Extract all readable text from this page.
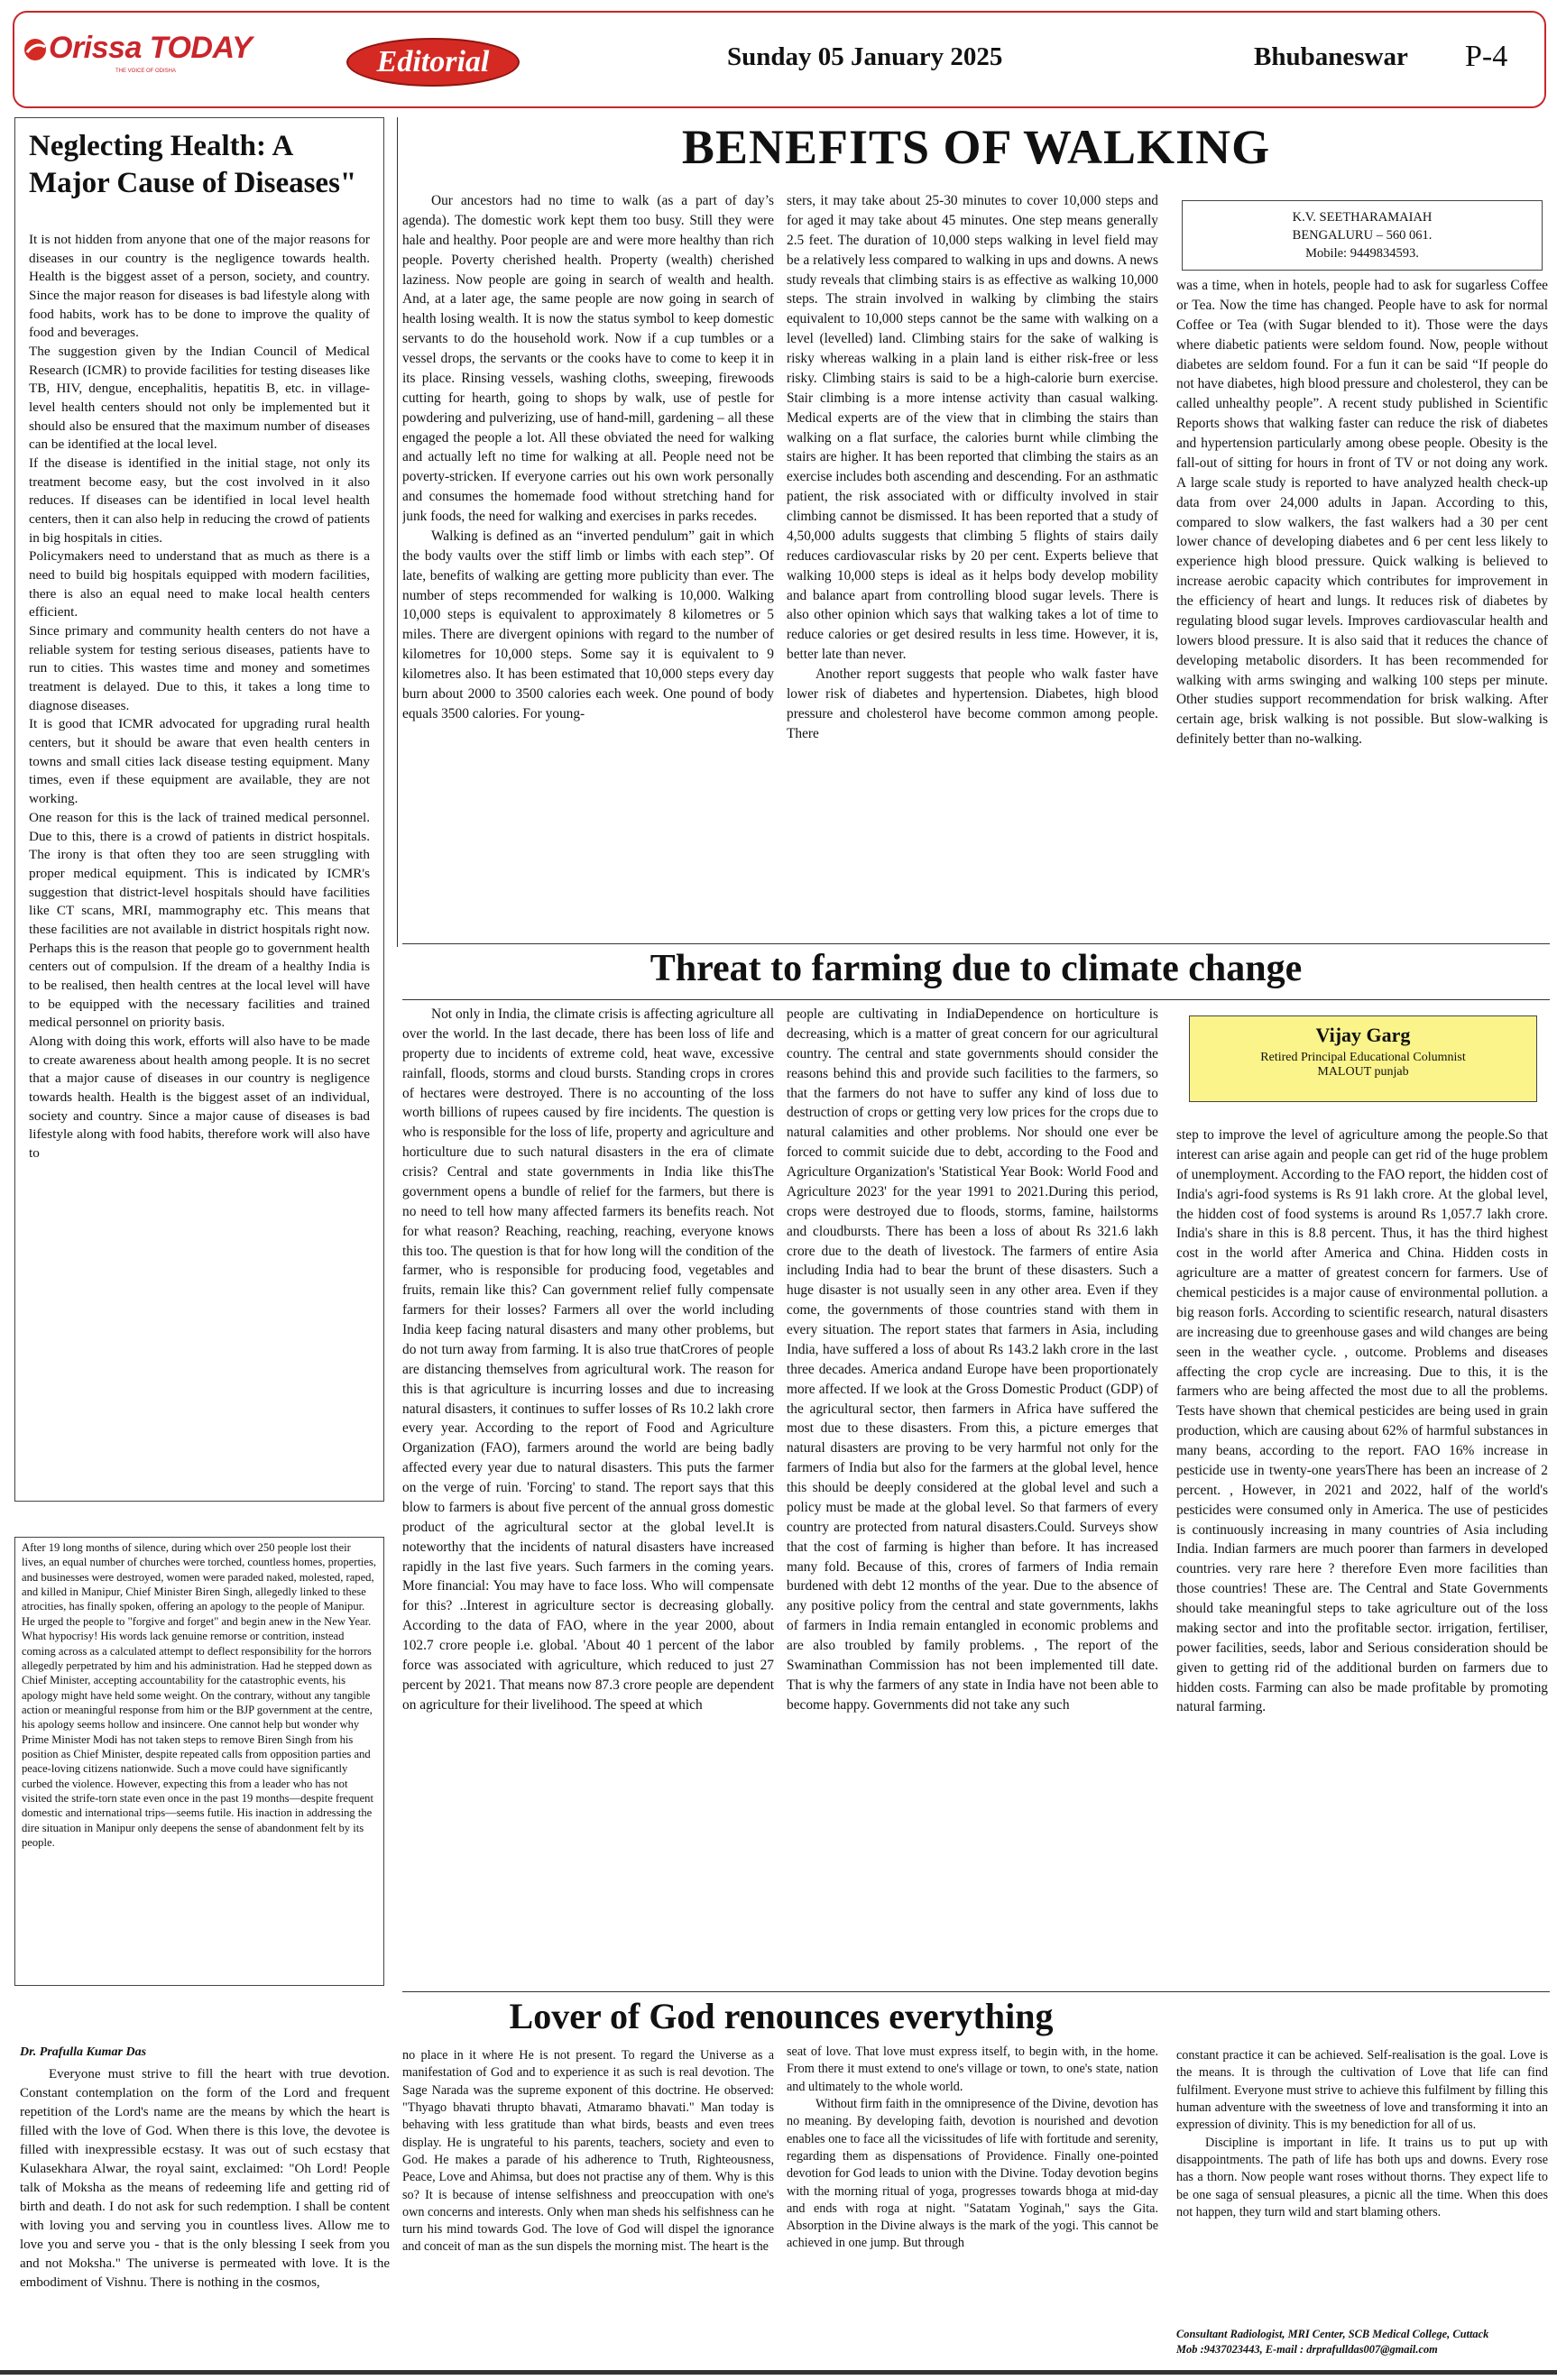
Orissa TODAY
THE VOICE OF ODISHA	Editorial	Sunday 05 January 2025	Bhubaneswar P-4
Neglecting Health: A Major Cause of Diseases"

It is not hidden from anyone that one of the major reasons for diseases in our country is the negligence towards health. Health is the biggest asset of a person, society, and country. Since the major reason for diseases is bad lifestyle along with food habits, work has to be done to improve the quality of food and beverages.

The suggestion given by the Indian Council of Medical Research (ICMR) to provide facilities for testing diseases like TB, HIV, dengue, encephalitis, hepatitis B, etc. in village-level health centers should not only be implemented but it should also be ensured that the maximum number of diseases can be identified at the local level.

If the disease is identified in the initial stage, not only its treatment become easy, but the cost involved in it also reduces. If diseases can be identified in local level health centers, then it can also help in reducing the crowd of patients in big hospitals in cities.

Policymakers need to understand that as much as there is a need to build big hospitals equipped with modern facilities, there is also an equal need to make local health centers efficient.

Since primary and community health centers do not have a reliable system for testing serious diseases, patients have to run to cities. This wastes time and money and sometimes treatment is delayed. Due to this, it takes a long time to diagnose diseases.

It is good that ICMR advocated for upgrading rural health centers, but it should be aware that even health centers in towns and small cities lack disease testing equipment. Many times, even if these equipment are available, they are not working.

One reason for this is the lack of trained medical personnel. Due to this, there is a crowd of patients in district hospitals. The irony is that often they too are seen struggling with proper medical equipment. This is indicated by ICMR's suggestion that district-level hospitals should have facilities like CT scans, MRI, mammography etc. This means that these facilities are not available in district hospitals right now. Perhaps this is the reason that people go to government health centers out of compulsion. If the dream of a healthy India is to be realised, then health centres at the local level will have to be equipped with the necessary facilities and trained medical personnel on priority basis.

Along with doing this work, efforts will also have to be made to create awareness about health among people. It is no secret that a major cause of diseases in our country is negligence towards health. Health is the biggest asset of an individual, society and country. Since a major cause of diseases is bad lifestyle along with food habits, therefore work will also have to

After 19 long months of silence, during which over 250 people lost their lives, an equal number of churches were torched, countless homes, properties, and businesses were destroyed, women were paraded naked, molested, raped, and killed in Manipur, Chief Minister Biren Singh, allegedly linked to these atrocities, has finally spoken, offering an apology to the people of Manipur. He urged the people to "forgive and forget" and begin anew in the New Year. What hypocrisy! His words lack genuine remorse or contrition, instead coming across as a calculated attempt to deflect responsibility for the horrors allegedly perpetrated by him and his administration. Had he stepped down as Chief Minister, accepting accountability for the catastrophic events, his apology might have held some weight. On the contrary, without any tangible action or meaningful response from him or the BJP government at the centre, his apology seems hollow and insincere. One cannot help but wonder why Prime Minister Modi has not taken steps to remove Biren Singh from his position as Chief Minister, despite repeated calls from opposition parties and peace-loving citizens nationwide. Such a move could have significantly curbed the violence. However, expecting this from a leader who has not visited the strife-torn state even once in the past 19 months—despite frequent domestic and international trips—seems futile. His inaction in addressing the dire situation in Manipur only deepens the sense of abandonment felt by its people.

BENEFITS OF WALKING

Our ancestors had no time to walk (as a part of day’s agenda). The domestic work kept them too busy. Still they were hale and healthy. Poor people are and were more healthy than rich people. Poverty cherished health. Property (wealth) cherished laziness. Now people are going in search of wealth and health. And, at a later age, the same people are now going in search of health losing wealth. It is now the status symbol to keep domestic servants to do the household work. Now if a cup tumbles or a vessel drops, the servants or the cooks have to come to keep it in its place. Rinsing vessels, washing cloths, sweeping, firewoods cutting for hearth, going to shops by walk, use of pestle for powdering and pulverizing, use of hand-mill, gardening – all these engaged the people a lot. All these obviated the need for walking and actually left no time for walking at all. People need not be poverty-stricken. If everyone carries out his own work personally and consumes the homemade food without stretching hand for junk foods, the need for walking and exercises in parks recedes.

Walking is defined as an “inverted pendulum” gait in which the body vaults over the stiff limb or limbs with each step”. Of late, benefits of walking are getting more publicity than ever. The number of steps recommended for walking is 10,000. Walking 10,000 steps is equivalent to approximately 8 kilometres or 5 miles. There are divergent opinions with regard to the number of kilometres for 10,000 steps. Some say it is equivalent to 9 kilometres also. It has been estimated that 10,000 steps every day burn about 2000 to 3500 calories each week. One pound of body equals 3500 calories. For young-

sters, it may take about 25-30 minutes to cover 10,000 steps and for aged it may take about 45 minutes. One step means generally 2.5 feet. The duration of 10,000 steps walking in level field may be a relatively less compared to walking in ups and downs. A news study reveals that climbing stairs is as effective as walking 10,000 steps. The strain involved in walking by climbing the stairs equivalent to 10,000 steps cannot be the same with walking on a level (levelled) land. Climbing stairs for the sake of walking is risky whereas walking in a plain land is either risk-free or less risky. Climbing stairs is said to be a high-calorie burn exercise. Stair climbing is a more intense activity than casual walking. Medical experts are of the view that in climbing the stairs than walking on a flat surface, the calories burnt while climbing the stairs are higher. It has been reported that climbing the stairs as an exercise includes both ascending and descending. For an asthmatic patient, the risk associated with or difficulty involved in stair climbing cannot be dismissed. It has been reported that a study of 4,50,000 adults suggests that climbing 5 flights of stairs daily reduces cardiovascular risks by 20 per cent. Experts believe that walking 10,000 steps is ideal as it helps body develop mobility and balance apart from controlling blood sugar levels. There is also other opinion which says that walking takes a lot of time to reduce calories or get desired results in less time. However, it is, better late than never.

Another report suggests that people who walk faster have lower risk of diabetes and hypertension. Diabetes, high blood pressure and cholesterol have become common among people. There

K.V. SEETHARAMAIAH
BENGALURU – 560 061.
Mobile: 9449834593.

was a time, when in hotels, people had to ask for sugarless Coffee or Tea. Now the time has changed. People have to ask for normal Coffee or Tea (with Sugar blended to it). Those were the days where diabetic patients were seldom found. Now, people without diabetes are seldom found. For a fun it can be said “If people do not have diabetes, high blood pressure and cholesterol, they can be called unhealthy people”. A recent study published in Scientific Reports shows that walking faster can reduce the risk of diabetes and hypertension particularly among obese people. Obesity is the fall-out of sitting for hours in front of TV or not doing any work. A large scale study is reported to have analyzed health check-up data from over 24,000 adults in Japan. According to this, compared to slow walkers, the fast walkers had a 30 per cent lower chance of developing diabetes and 6 per cent less likely to experience high blood pressure. Quick walking is believed to increase aerobic capacity which contributes for improvement in the efficiency of heart and lungs. It reduces risk of diabetes by regulating blood sugar levels. Improves cardiovascular health and lowers blood pressure. It is also said that it reduces the chance of developing metabolic disorders. It has been recommended for walking with arms swinging and walking 100 steps per minute. Other studies support recommendation for brisk walking. After certain age, brisk walking is not possible. But slow-walking is definitely better than no-walking.

Threat to farming due to climate change

Not only in India, the climate crisis is affecting agriculture all over the world. In the last decade, there has been loss of life and property due to incidents of extreme cold, heat wave, excessive rainfall, floods, storms and cloud bursts. Standing crops in crores of hectares were destroyed. There is no accounting of the loss worth billions of rupees caused by fire incidents. The question is who is responsible for the loss of life, property and agriculture and horticulture due to such natural disasters in the era of climate crisis? Central and state governments in India like thisThe government opens a bundle of relief for the farmers, but there is no need to tell how many affected farmers its benefits reach. Not for what reason? Reaching, reaching, reaching, everyone knows this too. The question is that for how long will the condition of the farmer, who is responsible for producing food, vegetables and fruits, remain like this? Can government relief fully compensate farmers for their losses? Farmers all over the world including India keep facing natural disasters and many other problems, but do not turn away from farming. It is also true thatCrores of people are distancing themselves from agricultural work. The reason for this is that agriculture is incurring losses and due to increasing natural disasters, it continues to suffer losses of Rs 10.2 lakh crore every year. According to the report of Food and Agriculture Organization (FAO), farmers around the world are being badly affected every year due to natural disasters. This puts the farmer on the verge of ruin. 'Forcing' to stand. The report says that this blow to farmers is about five percent of the annual gross domestic product of the agricultural sector at the global level.It is noteworthy that the incidents of natural disasters have increased rapidly in the last five years. Such farmers in the coming years. More financial: You may have to face loss. Who will compensate for this? ..Interest in agriculture sector is decreasing globally. According to the data of FAO, where in the year 2000, about 102.7 crore people i.e. global. 'About 40 1 percent of the labor force was associated with agriculture, which reduced to just 27 percent by 2021. That means now 87.3 crore people are dependent on agriculture for their livelihood. The speed at which

people are cultivating in IndiaDependence on horticulture is decreasing, which is a matter of great concern for our agricultural country. The central and state governments should consider the reasons behind this and provide such facilities to the farmers, so that the farmers do not have to suffer any kind of loss due to destruction of crops or getting very low prices for the crops due to natural calamities and other problems. Nor should one ever be forced to commit suicide due to debt, according to the Food and Agriculture Organization's 'Statistical Year Book: World Food and Agriculture 2023' for the year 1991 to 2021.During this period, crops were destroyed due to floods, storms, famine, hailstorms and cloudbursts. There has been a loss of about Rs 321.6 lakh crore due to the death of livestock. The farmers of entire Asia including India had to bear the brunt of these disasters. Such a huge disaster is not usually seen in any other area. Even if they come, the governments of those countries stand with them in every situation. The report states that farmers in Asia, including India, have suffered a loss of about Rs 143.2 lakh crore in the last three decades. America andand Europe have been proportionately more affected. If we look at the Gross Domestic Product (GDP) of the agricultural sector, then farmers in Africa have suffered the most due to these disasters. From this, a picture emerges that natural disasters are proving to be very harmful not only for the farmers of India but also for the farmers at the global level, hence this should be deeply considered at the global level and such a policy must be made at the global level. So that farmers of every country are protected from natural disasters.Could. Surveys show that the cost of farming is higher than before. It has increased many fold. Because of this, crores of farmers of India remain burdened with debt 12 months of the year. Due to the absence of any positive policy from the central and state governments, lakhs of farmers in India remain entangled in economic problems and are also troubled by family problems. , The report of the Swaminathan Commission has not been implemented till date. That is why the farmers of any state in India have not been able to become happy. Governments did not take any such

Vijay Garg
Retired Principal Educational Columnist
MALOUT punjab

step to improve the level of agriculture among the people.So that interest can arise again and people can get rid of the huge problem of unemployment. According to the FAO report, the hidden cost of India's agri-food systems is Rs 91 lakh crore. At the global level, the hidden cost of food systems is around Rs 1,057.7 lakh crore. India's share in this is 8.8 percent. Thus, it has the third highest cost in the world after America and China. Hidden costs in agriculture are a matter of greatest concern for farmers. Use of chemical pesticides is a major cause of environmental pollution. a big reason forIs. According to scientific research, natural disasters are increasing due to greenhouse gases and wild changes are being seen in the weather cycle. , outcome. Problems and diseases affecting the crop cycle are increasing. Due to this, it is the farmers who are being affected the most due to all the problems. Tests have shown that chemical pesticides are being used in grain production, which are causing about 62% of harmful substances in many beans, according to the report. FAO 16% increase in pesticide use in twenty-one yearsThere has been an increase of 2 percent. , However, in 2021 and 2022, half of the world's pesticides were consumed only in America. The use of pesticides is continuously increasing in many countries of Asia including India. Indian farmers are much poorer than farmers in developed countries. very rare here ? therefore Even more facilities than those countries! These are. The Central and State Governments should take meaningful steps to take agriculture out of the loss making sector and into the profitable sector. irrigation, fertiliser, power facilities, seeds, labor and Serious consideration should be given to getting rid of the additional burden on farmers due to hidden costs. Farming can also be made profitable by promoting natural farming.

Lover of God renounces everything
Dr. Prafulla Kumar Das

Everyone must strive to fill the heart with true devotion. Constant contemplation on the form of the Lord and frequent repetition of the Lord's name are the means by which the heart is filled with the love of God. When there is this love, the devotee is filled with inexpressible ecstasy. It was out of such ecstasy that Kulasekhara Alwar, the royal saint, exclaimed: "Oh Lord! People talk of Moksha as the means of redeeming life and getting rid of birth and death. I do not ask for such redemption. I shall be content with loving you and serving you in countless lives. Allow me to love you and serve you - that is the only blessing I seek from you and not Moksha." The universe is permeated with love. It is the embodiment of Vishnu. There is nothing in the cosmos,

no place in it where He is not present. To regard the Universe as a manifestation of God and to experience it as such is real devotion. The Sage Narada was the supreme exponent of this doctrine. He observed: "Thyago bhavati thrupto bhavati, Atmaramo bhavati." Man today is behaving with less gratitude than what birds, beasts and even trees display. He is ungrateful to his parents, teachers, society and even to God. He makes a parade of his adherence to Truth, Righteousness, Peace, Love and Ahimsa, but does not practise any of them. Why is this so? It is because of intense selfishness and preoccupation with one's own concerns and interests. Only when man sheds his selfishness can he turn his mind towards God. The love of God will dispel the ignorance and conceit of man as the sun dispels the morning mist. The heart is the

seat of love. That love must express itself, to begin with, in the home. From there it must extend to one's village or town, to one's state, nation and ultimately to the whole world.

Without firm faith in the omnipresence of the Divine, devotion has no meaning. By developing faith, devotion is nourished and devotion enables one to face all the vicissitudes of life with fortitude and serenity, regarding them as dispensations of Providence. Finally one-pointed devotion for God leads to union with the Divine. Today devotion begins with the morning ritual of yoga, progresses towards bhoga at mid-day and ends with roga at night. "Satatam Yoginah," says the Gita. Absorption in the Divine always is the mark of the yogi. This cannot be achieved in one jump. But through

constant practice it can be achieved. Self-realisation is the goal. Love is the means. It is through the cultivation of Love that life can find fulfilment. Everyone must strive to achieve this fulfilment by filling this human adventure with the sweetness of love and transforming it into an expression of divinity. This is my benediction for all of us.

Discipline is important in life. It trains us to put up with disappointments. The path of life has both ups and downs. Every rose has a thorn. Now people want roses without thorns. They expect life to be one saga of sensual pleasures, a picnic all the time. When this does not happen, they turn wild and start blaming others.

Consultant Radiologist, MRI Center, SCB Medical College, Cuttack
Mob :9437023443, E-mail : drprafulldas007@gmail.com
